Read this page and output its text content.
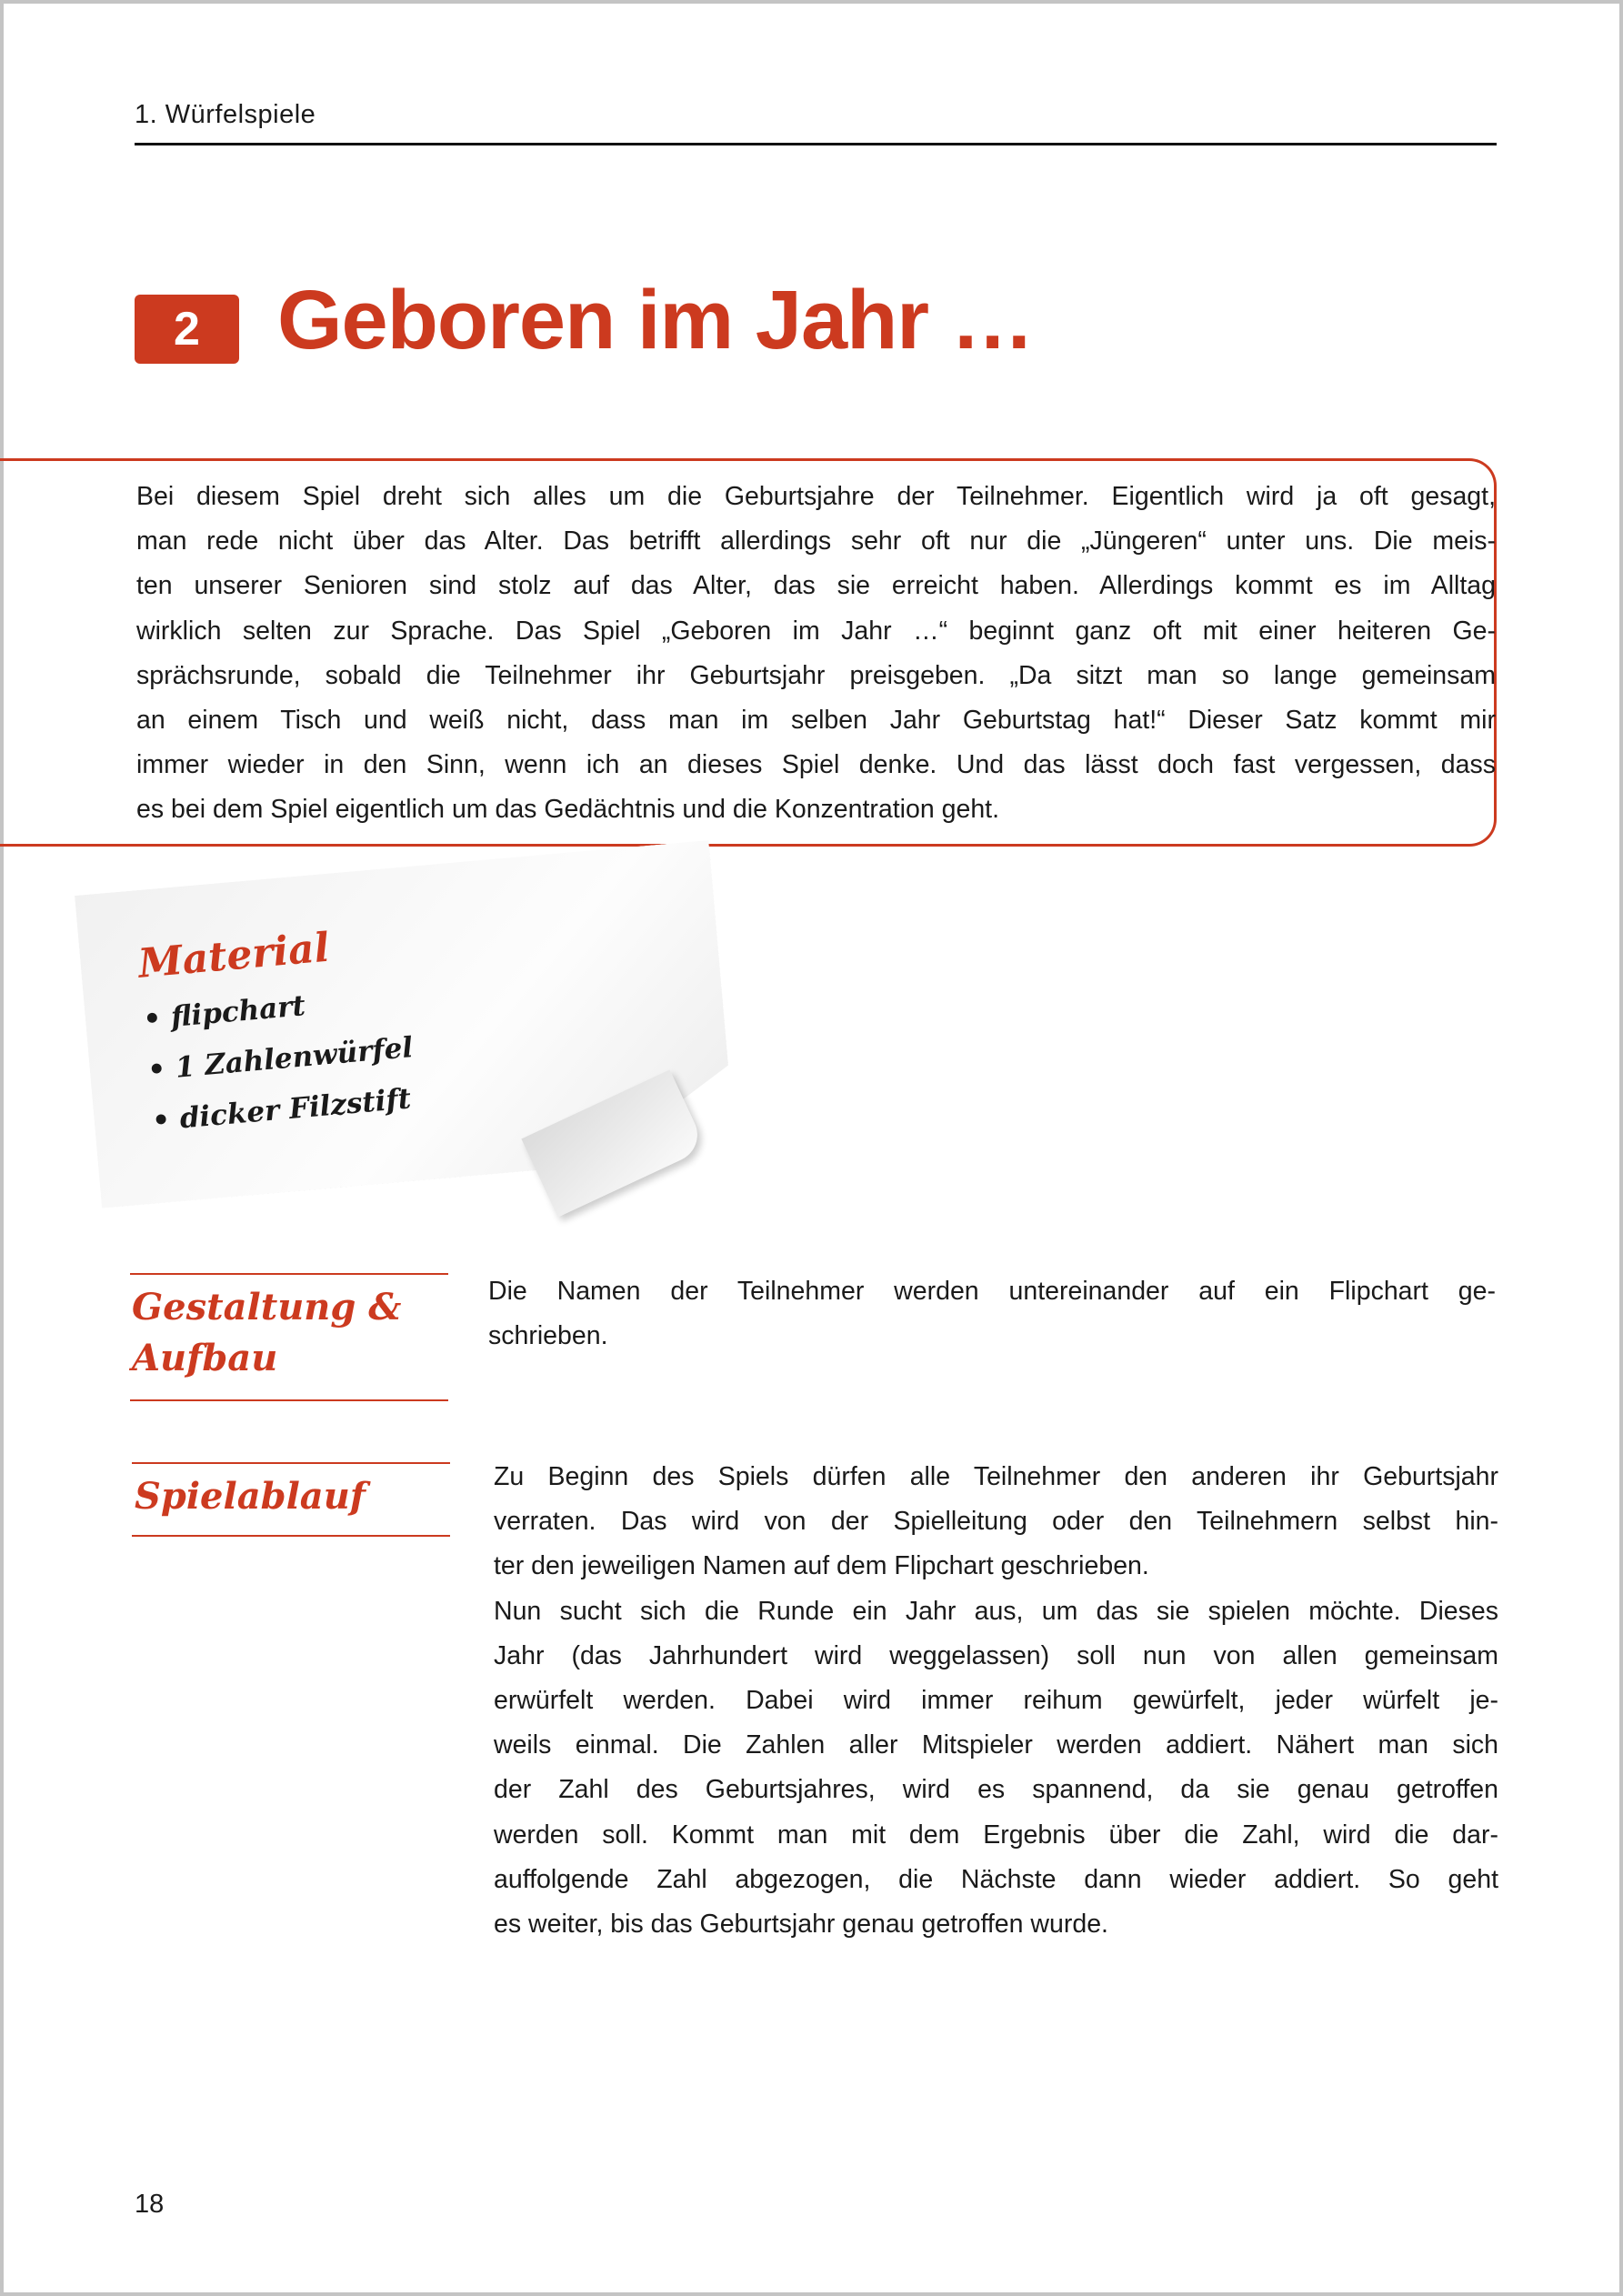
1. Würfelspiele
2 Geboren im Jahr …
Bei diesem Spiel dreht sich alles um die Geburtsjahre der Teilnehmer. Eigentlich wird ja oft gesagt,
man rede nicht über das Alter. Das betrifft allerdings sehr oft nur die „Jüngeren“ unter uns. Die meis-
ten unserer Senioren sind stolz auf das Alter, das sie erreicht haben. Allerdings kommt es im Alltag
wirklich selten zur Sprache. Das Spiel „Geboren im Jahr …“ beginnt ganz oft mit einer heiteren Ge-
sprächsrunde, sobald die Teilnehmer ihr Geburtsjahr preisgeben. „Da sitzt man so lange gemeinsam
an einem Tisch und weiß nicht, dass man im selben Jahr Geburtstag hat!“ Dieser Satz kommt mir
immer wieder in den Sinn, wenn ich an dieses Spiel denke. Und das lässt doch fast vergessen, dass
es bei dem Spiel eigentlich um das Gedächtnis und die Konzentration geht.
Material
• flipchart
• 1 Zahlenwürfel
• dicker Filzstift
Gestaltung &
Aufbau
Die Namen der Teilnehmer werden untereinander auf ein Flipchart ge-
schrieben.
Spielablauf	Zu Beginn des Spiels dürfen alle Teilnehmer den anderen ihr Geburtsjahr
verraten. Das wird von der Spielleitung oder den Teilnehmern selbst hin-
ter den jeweiligen Namen auf dem Flipchart geschrieben.
Nun sucht sich die Runde ein Jahr aus, um das sie spielen möchte. Dieses
Jahr (das Jahrhundert wird weggelassen) soll nun von allen gemeinsam
erwürfelt werden. Dabei wird immer reihum gewürfelt, jeder würfelt je-
weils einmal. Die Zahlen aller Mitspieler werden addiert. Nähert man sich
der Zahl des Geburtsjahres, wird es spannend, da sie genau getroffen
werden soll. Kommt man mit dem Ergebnis über die Zahl, wird die dar-
auffolgende Zahl abgezogen, die Nächste dann wieder addiert. So geht
es weiter, bis das Geburtsjahr genau getroffen wurde.
18
